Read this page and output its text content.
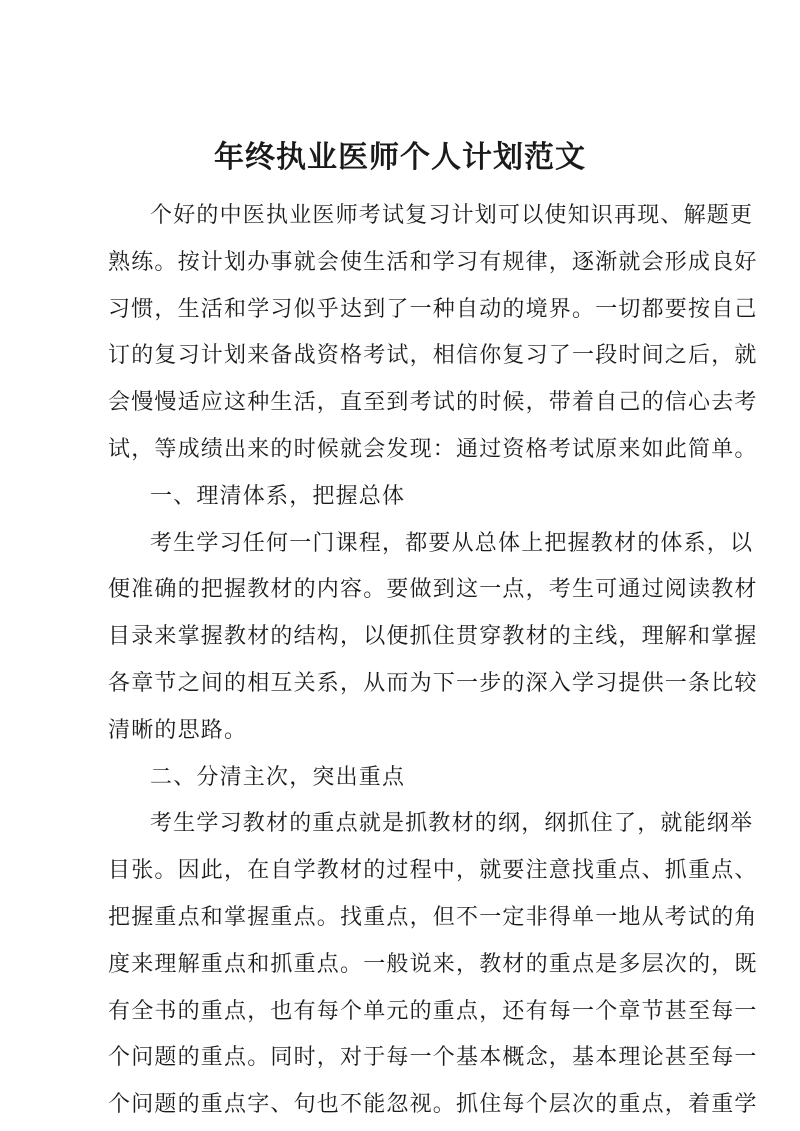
年终执业医师个人计划范文
个好的中医执业医师考试复习计划可以使知识再现、解题更
熟练。按计划办事就会使生活和学习有规律，逐渐就会形成良好
习惯，生活和学习似乎达到了一种自动的境界。一切都要按自己
订的复习计划来备战资格考试，相信你复习了一段时间之后，就
会慢慢适应这种生活，直至到考试的时候，带着自己的信心去考
试，等成绩出来的时候就会发现：通过资格考试原来如此简单。
一、理清体系，把握总体
考生学习任何一门课程，都要从总体上把握教材的体系，以
便准确的把握教材的内容。要做到这一点，考生可通过阅读教材
目录来掌握教材的结构，以便抓住贯穿教材的主线，理解和掌握
各章节之间的相互关系，从而为下一步的深入学习提供一条比较
清晰的思路。
二、分清主次，突出重点
考生学习教材的重点就是抓教材的纲，纲抓住了，就能纲举
目张。因此，在自学教材的过程中，就要注意找重点、抓重点、
把握重点和掌握重点。找重点，但不一定非得单一地从考试的角
度来理解重点和抓重点。一般说来，教材的重点是多层次的，既
有全书的重点，也有每个单元的重点，还有每一个章节甚至每一
个问题的重点。同时，对于每一个基本概念，基本理论甚至每一
个问题的重点字、句也不能忽视。抓住每个层次的重点，着重学
